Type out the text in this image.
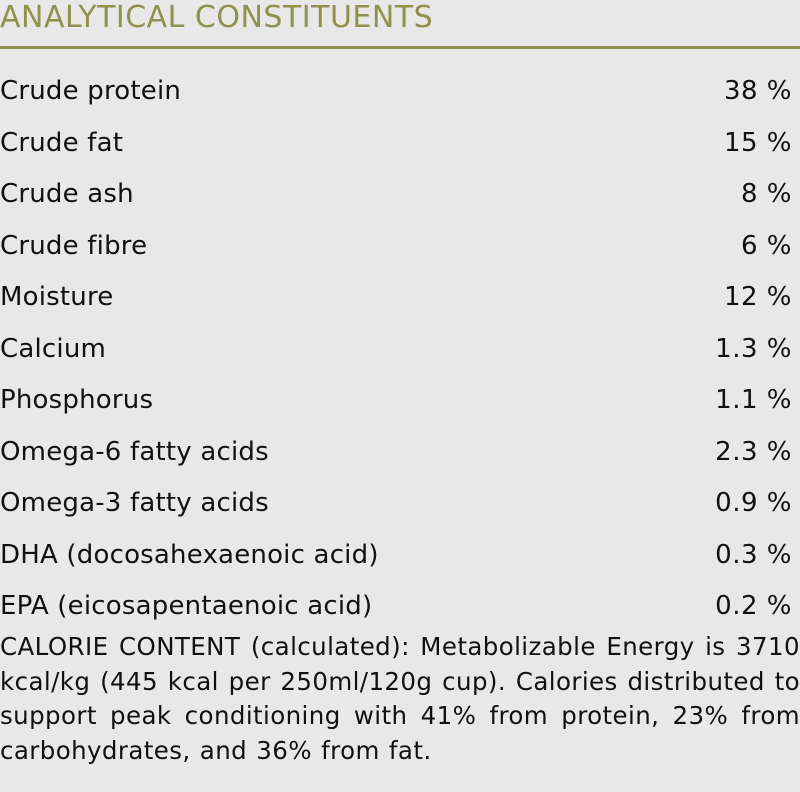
ANALYTICAL CONSTITUENTS
Crude protein	38 %
Crude fat	15 %
Crude ash	8 %
Crude fibre	6 %
Moisture	12 %
Calcium	1.3 %
Phosphorus	1.1 %
Omega-6 fatty acids	2.3 %
Omega-3 fatty acids	0.9 %
DHA (docosahexaenoic acid)	0.3 %
EPA (eicosapentaenoic acid)	0.2 %

CALORIE CONTENT (calculated): Metabolizable Energy is 3710 kcal/kg (445 kcal per 250ml/120g cup). Calories distributed to support peak conditioning with 41% from protein, 23% from carbohydrates, and 36% from fat.
